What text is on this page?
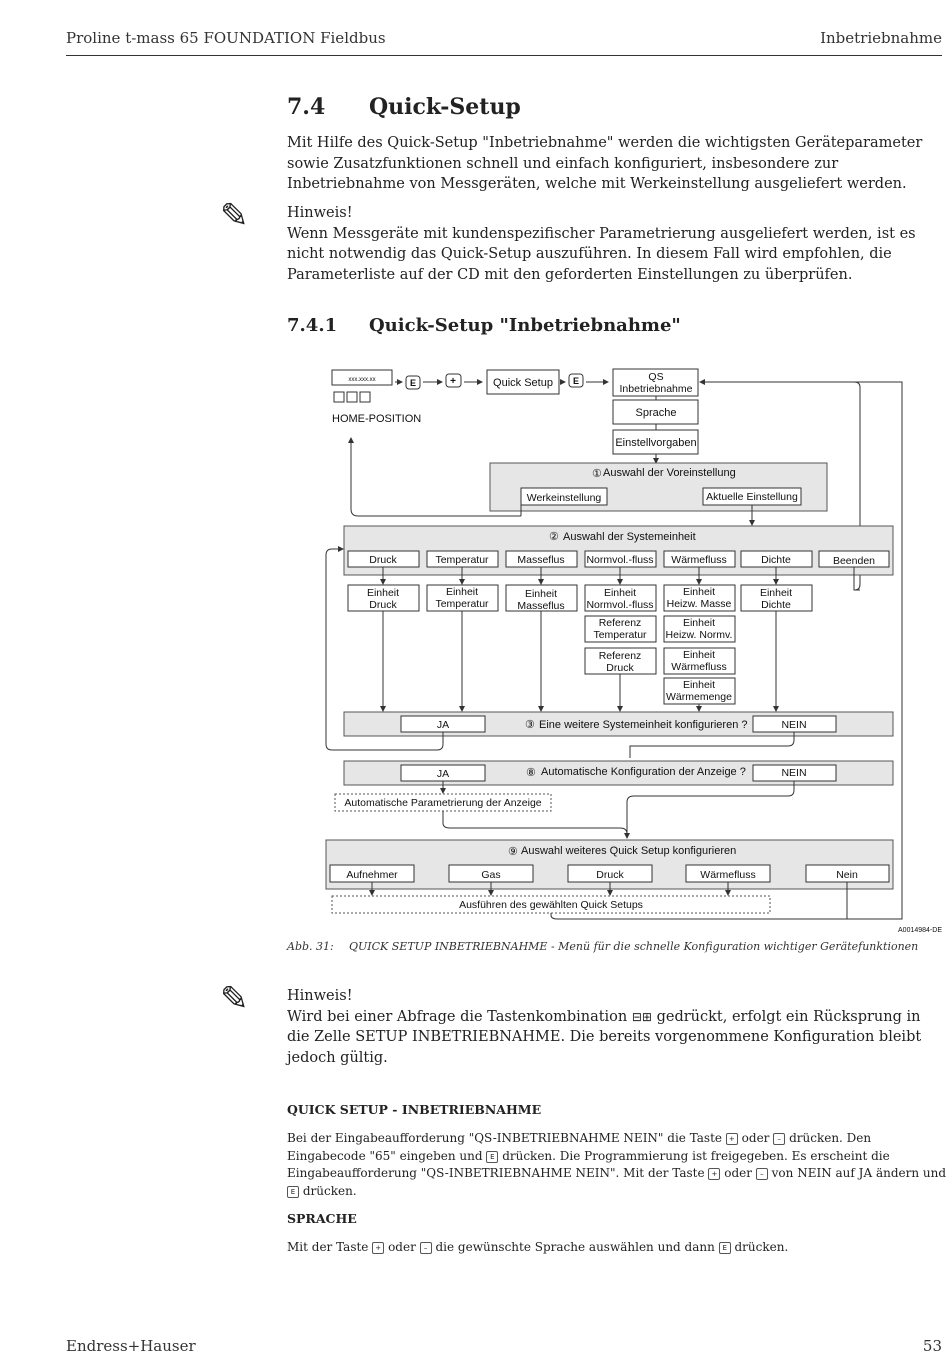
Proline t-mass 65 FOUNDATION Fieldbus	Inbetriebnahme
7.4 Quick-Setup
Mit Hilfe des Quick-Setup "Inbetriebnahme" werden die wichtigsten Geräteparameter sowie Zusatzfunktionen schnell und einfach konfiguriert, insbesondere zur Inbetriebnahme von Messgeräten, welche mit Werkeinstellung ausgeliefert werden.
✎	Hinweis!
Wenn Messgeräte mit kundenspezifischer Parametrierung ausgeliefert werden, ist es nicht notwendig das Quick-Setup auszuführen. In diesem Fall wird empfohlen, die Parameterliste auf der CD mit den geforderten Einstellungen zu überprüfen.
7.4.1 Quick-Setup "Inbetriebnahme"
xxx.xxx.xx
HOME-POSITION
E	+	Quick Setup E	QS
Inbetriebnahme
Sprache
Einstellvorgaben
① Auswahl der Voreinstellung
Werkeinstellung	Aktuelle Einstellung
② Auswahl der Systemeinheit
Druck	Temperatur	Masseflus Normvol.-fluss Wärmefluss	Dichte	Beenden
Einheit
Druck
Einheit
Temperatur
Einheit
Masseflus
Einheit
Normvol.-fluss
Referenz
Temperatur
Referenz
Druck
Einheit
Heizw. Masse
Einheit
Heizw. Normv.
Einheit
Wärmefluss
Einheit
Wärmemenge
Einheit
Dichte
JA	③ Eine weitere Systemeinheit konfigurieren ?	NEIN
JA	⑧ Automatische Konfiguration der Anzeige ?	NEIN
Automatische Parametrierung der Anzeige
⑨ Auswahl weiteres Quick Setup konfigurieren
Aufnehmer	Gas	Druck	Wärmefluss	Nein
Ausführen des gewählten Quick Setups
A0014984-DE
Abb. 31: QUICK SETUP INBETRIEBNAHME - Menü für die schnelle Konfiguration wichtiger Gerätefunktionen
✎	Hinweis!
Wird bei einer Abfrage die Tastenkombination ⊟⊞ gedrückt, erfolgt ein Rücksprung in die Zelle SETUP INBETRIEBNAHME. Die bereits vorgenommene Konfiguration bleibt jedoch gültig.
QUICK SETUP - INBETRIEBNAHME
Bei der Eingabeaufforderung "QS-INBETRIEBNAHME NEIN" die Taste + oder – drücken. Den Eingabecode "65" eingeben und E drücken. Die Programmierung ist freigegeben. Es erscheint die Eingabeaufforderung "QS-INBETRIEBNAHME NEIN". Mit der Taste + oder – von NEIN auf JA ändern und E drücken.
SPRACHE
Mit der Taste + oder – die gewünschte Sprache auswählen und dann E drücken.
Endress+Hauser	53
